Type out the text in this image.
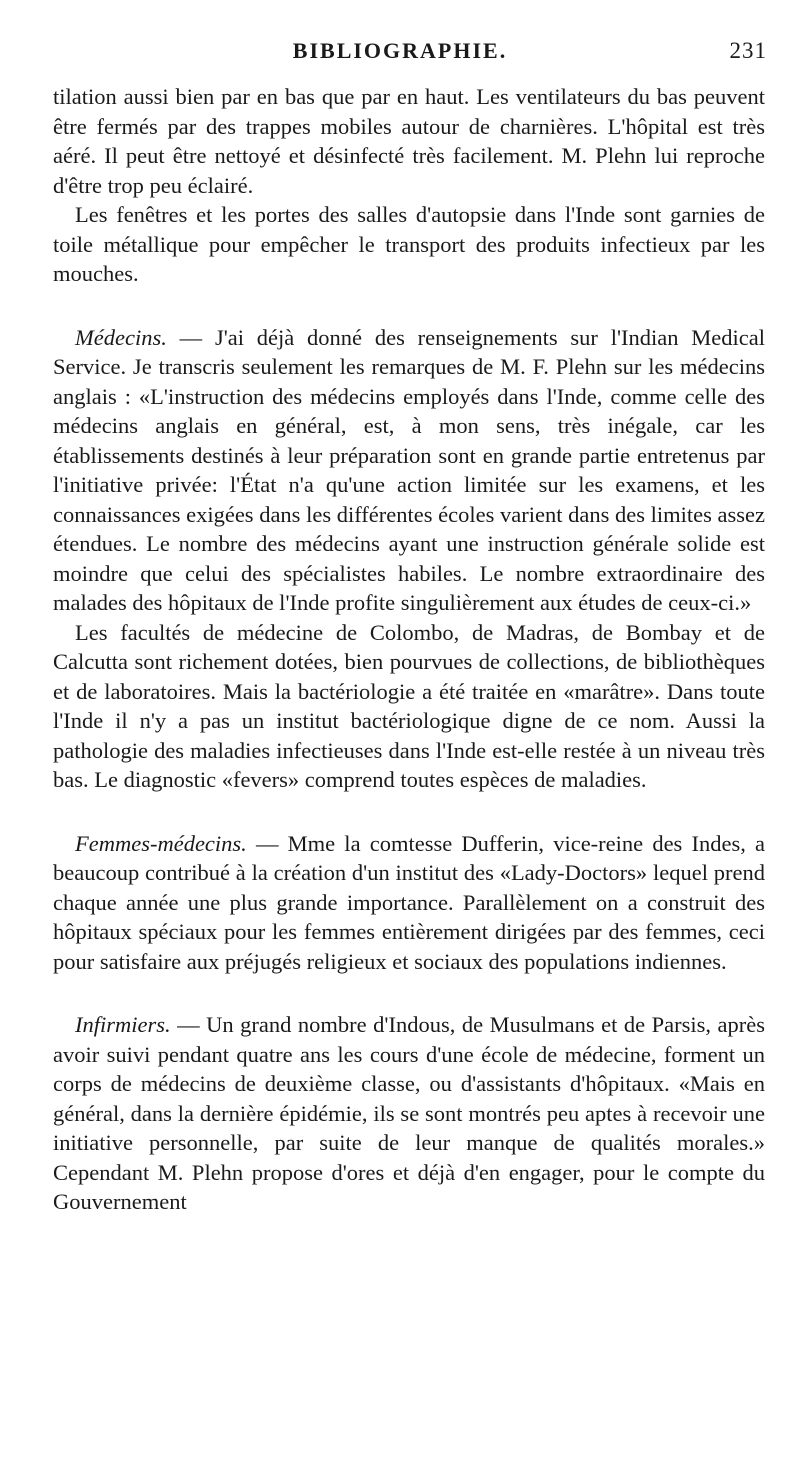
BIBLIOGRAPHIE.	231

tilation aussi bien par en bas que par en haut. Les ventilateurs du bas peuvent être fermés par des trappes mobiles autour de charnières. L'hôpital est très aéré. Il peut être nettoyé et désinfecté très facilement. M. Plehn lui reproche d'être trop peu éclairé.

Les fenêtres et les portes des salles d'autopsie dans l'Inde sont garnies de toile métallique pour empêcher le transport des produits infectieux par les mouches.

Médecins. — J'ai déjà donné des renseignements sur l'Indian Medical Service. Je transcris seulement les remarques de M. F. Plehn sur les médecins anglais : «L'instruction des médecins employés dans l'Inde, comme celle des médecins anglais en général, est, à mon sens, très inégale, car les établissements destinés à leur préparation sont en grande partie entretenus par l'initiative privée: l'État n'a qu'une action limitée sur les examens, et les connaissances exigées dans les différentes écoles varient dans des limites assez étendues. Le nombre des médecins ayant une instruction générale solide est moindre que celui des spécialistes habiles. Le nombre extraordinaire des malades des hôpitaux de l'Inde profite singulièrement aux études de ceux-ci.»

Les facultés de médecine de Colombo, de Madras, de Bombay et de Calcutta sont richement dotées, bien pourvues de collections, de bibliothèques et de laboratoires. Mais la bactériologie a été traitée en «marâtre». Dans toute l'Inde il n'y a pas un institut bactériologique digne de ce nom. Aussi la pathologie des maladies infectieuses dans l'Inde est-elle restée à un niveau très bas. Le diagnostic «fevers» comprend toutes espèces de maladies.

Femmes-médecins. — Mme la comtesse Dufferin, vice-reine des Indes, a beaucoup contribué à la création d'un institut des «Lady-Doctors» lequel prend chaque année une plus grande importance. Parallèlement on a construit des hôpitaux spéciaux pour les femmes entièrement dirigées par des femmes, ceci pour satisfaire aux préjugés religieux et sociaux des populations indiennes.

Infirmiers. — Un grand nombre d'Indous, de Musulmans et de Parsis, après avoir suivi pendant quatre ans les cours d'une école de médecine, forment un corps de médecins de deuxième classe, ou d'assistants d'hôpitaux. «Mais en général, dans la dernière épidémie, ils se sont montrés peu aptes à recevoir une initiative personnelle, par suite de leur manque de qualités morales.» Cependant M. Plehn propose d'ores et déjà d'en engager, pour le compte du Gouvernement
